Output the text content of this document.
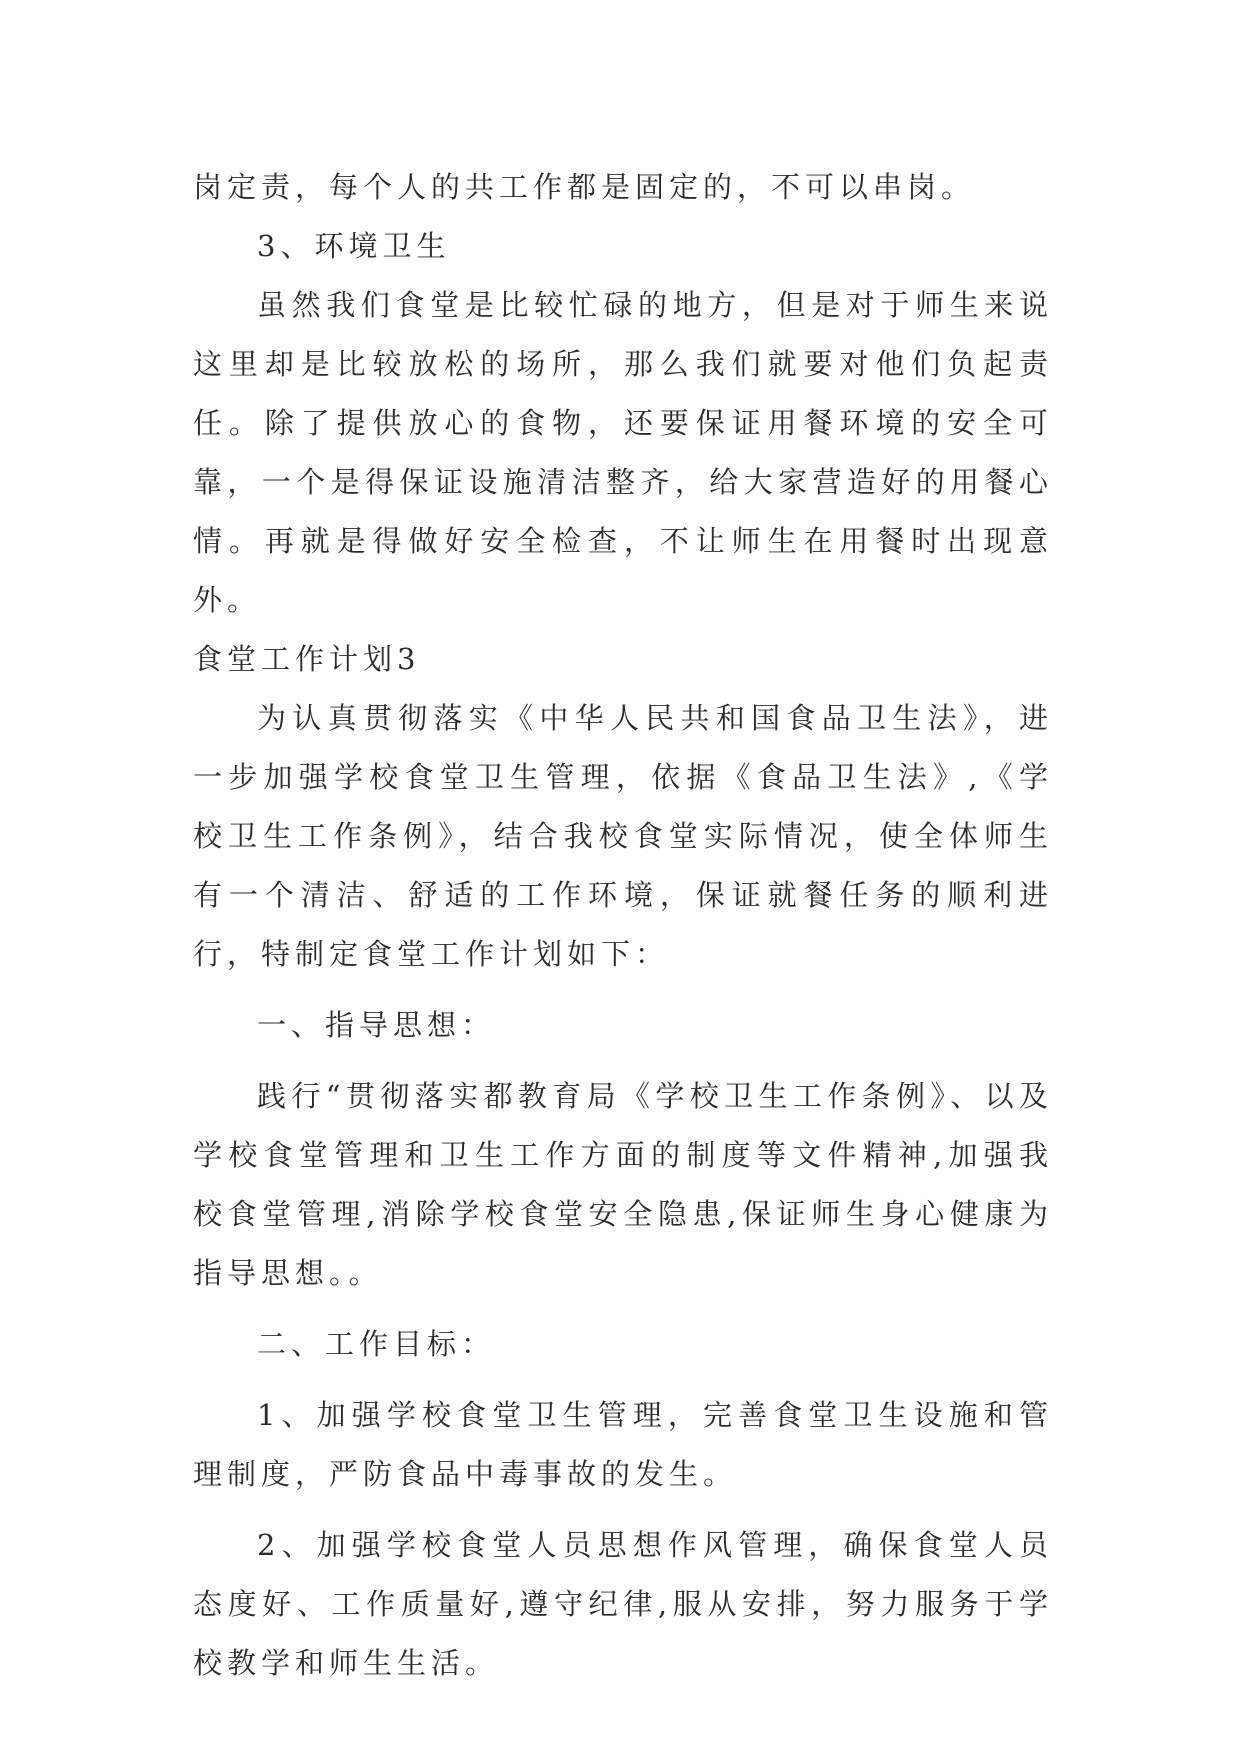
岗定责，每个人的共工作都是固定的，不可以串岗。

3、环境卫生

虽然我们食堂是比较忙碌的地方，但是对于师生来说这里却是比较放松的场所，那么我们就要对他们负起责任。除了提供放心的食物，还要保证用餐环境的安全可靠，一个是得保证设施清洁整齐，给大家营造好的用餐心情。再就是得做好安全检查，不让师生在用餐时出现意外。

食堂工作计划3

为认真贯彻落实《中华人民共和国食品卫生法》，进一步加强学校食堂卫生管理，依据《食品卫生法》,《学校卫生工作条例》，结合我校食堂实际情况，使全体师生有一个清洁、舒适的工作环境，保证就餐任务的顺利进行，特制定食堂工作计划如下：

一、指导思想：

践行“贯彻落实都教育局《学校卫生工作条例》、以及学校食堂管理和卫生工作方面的制度等文件精神,加强我校食堂管理,消除学校食堂安全隐患,保证师生身心健康为指导思想。。

二、工作目标：

1、加强学校食堂卫生管理，完善食堂卫生设施和管理制度，严防食品中毒事故的发生。

2、加强学校食堂人员思想作风管理，确保食堂人员态度好、工作质量好,遵守纪律,服从安排，努力服务于学校教学和师生生活。
